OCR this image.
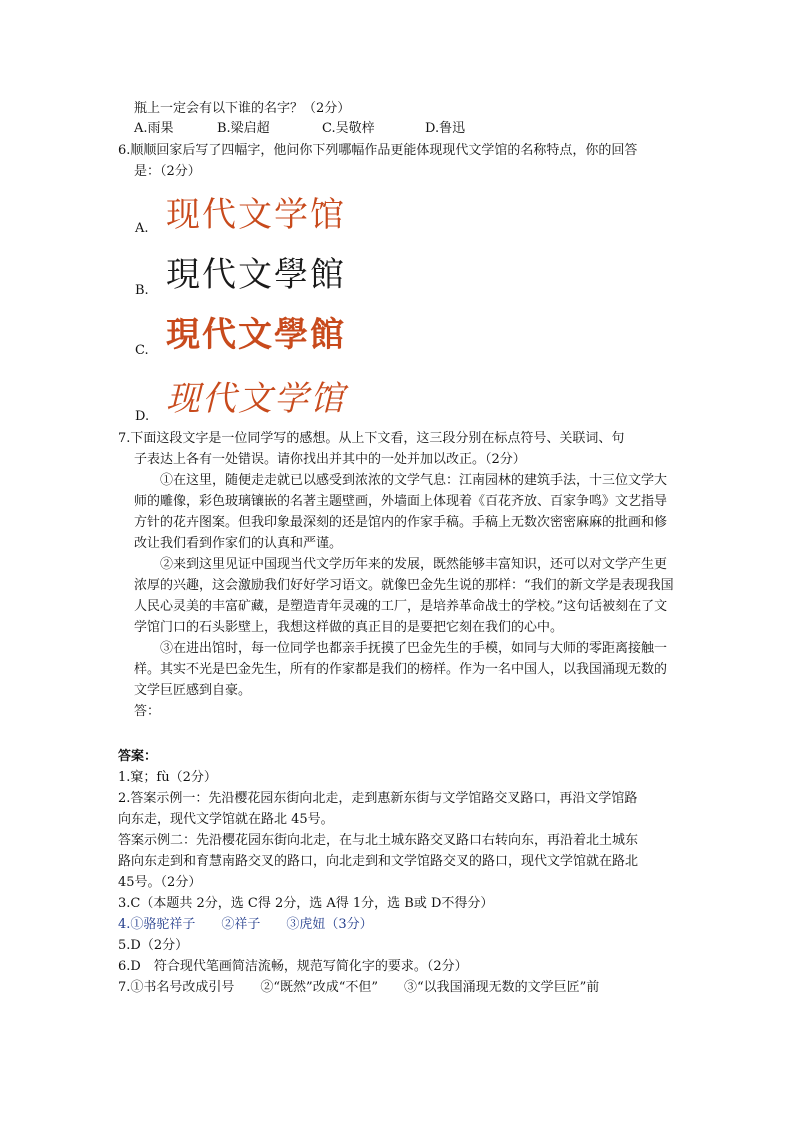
瓶上一定会有以下谁的名字？（2分）
A.雨果	B.梁启超	C.吴敬梓	D.鲁迅
6.顺顺回家后写了四幅字，他问你下列哪幅作品更能体现现代文学馆的名称特点，你的回答
是：（2分）
A. 现代文学馆
B. 現代文學館
C. 現代文學館
D. 现代文学馆
7.下面这段文字是一位同学写的感想。从上下文看，这三段分别在标点符号、关联词、句
子表达上各有一处错误。请你找出并其中的一处并加以改正。（2分）
①在这里，随便走走就已以感受到浓浓的文学气息：江南园林的建筑手法，十三位文学大师的雕像，彩色玻璃镶嵌的名著主题壁画，外墙面上体现着《百花齐放、百家争鸣》文艺指导方针的花卉图案。但我印象最深刻的还是馆内的作家手稿。手稿上无数次密密麻麻的批画和修改让我们看到作家们的认真和严谨。
②来到这里见证中国现当代文学历年来的发展，既然能够丰富知识，还可以对文学产生更浓厚的兴趣，这会激励我们好好学习语文。就像巴金先生说的那样：“我们的新文学是表现我国人民心灵美的丰富矿藏，是塑造青年灵魂的工厂，是培养革命战士的学校。”这句话被刻在了文学馆门口的石头影壁上，我想这样做的真正目的是要把它刻在我们的心中。
③在进出馆时，每一位同学也都亲手抚摸了巴金先生的手模，如同与大师的零距离接触一样。其实不光是巴金先生，所有的作家都是我们的榜样。作为一名中国人，以我国涌现无数的文学巨匠感到自豪。
答：
答案：
1.窠；fù（2分）
2.答案示例一：先沿樱花园东街向北走，走到惠新东街与文学馆路交叉路口，再沿文学馆路
向东走，现代文学馆就在路北 45号。
答案示例二：先沿樱花园东街向北走，在与北土城东路交叉路口右转向东，再沿着北土城东
路向东走到和育慧南路交叉的路口，向北走到和文学馆路交叉的路口，现代文学馆就在路北
45号。（2分）
3.C（本题共 2分，选 C得 2分，选 A得 1分，选 B或 D不得分）
4.①骆驼祥子　　②祥子　　③虎妞（3分）
5.D（2分）
6.D　符合现代笔画简洁流畅，规范写简化字的要求。（2分）
7.①书名号改成引号　　②“既然”改成“不但”　　③“以我国涌现无数的文学巨匠”前
